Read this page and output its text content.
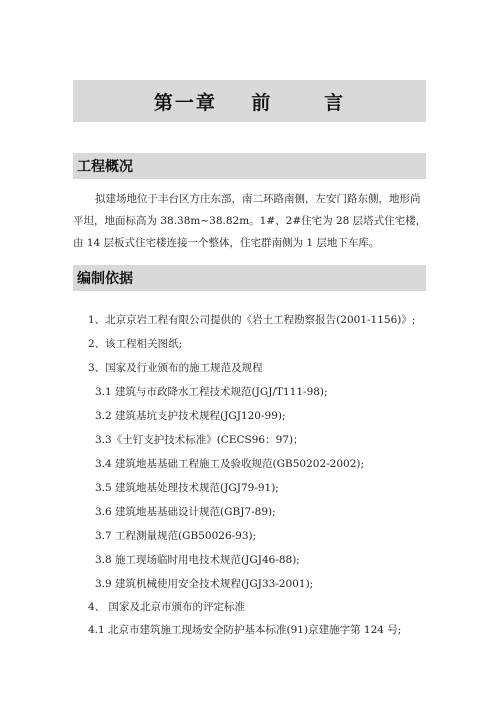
第一章    前      言
工程概况
拟建场地位于丰台区方庄东部，南二环路南侧，左安门路东侧，地形尚平坦，地面标高为 38.38m~38.82m。1#、2#住宅为 28 层塔式住宅楼，由 14 层板式住宅楼连接一个整体，住宅群南侧为 1 层地下车库。
编制依据
1、北京京岩工程有限公司提供的《岩土工程勘察报告(2001-1156)》;
2、该工程相关图纸;
3、国家及行业颁布的施工规范及规程
3.1 建筑与市政降水工程技术规范(JGJ/T111-98);
3.2 建筑基坑支护技术规程(JGJ120-99);
3.3《土钉支护技术标准》(CECS96：97)；
3.4 建筑地基基础工程施工及验收规范(GB50202-2002);
3.5 建筑地基处理技术规范(JGJ79-91);
3.6 建筑地基基础设计规范(GBJ7-89);
3.7 工程测量规范(GB50026-93);
3.8 施工现场临时用电技术规范(JGJ46-88);
3.9 建筑机械使用安全技术规程(JGJ33-2001);
4、 国家及北京市颁布的评定标准
4.1 北京市建筑施工现场安全防护基本标准(91)京建施字第 124 号;
